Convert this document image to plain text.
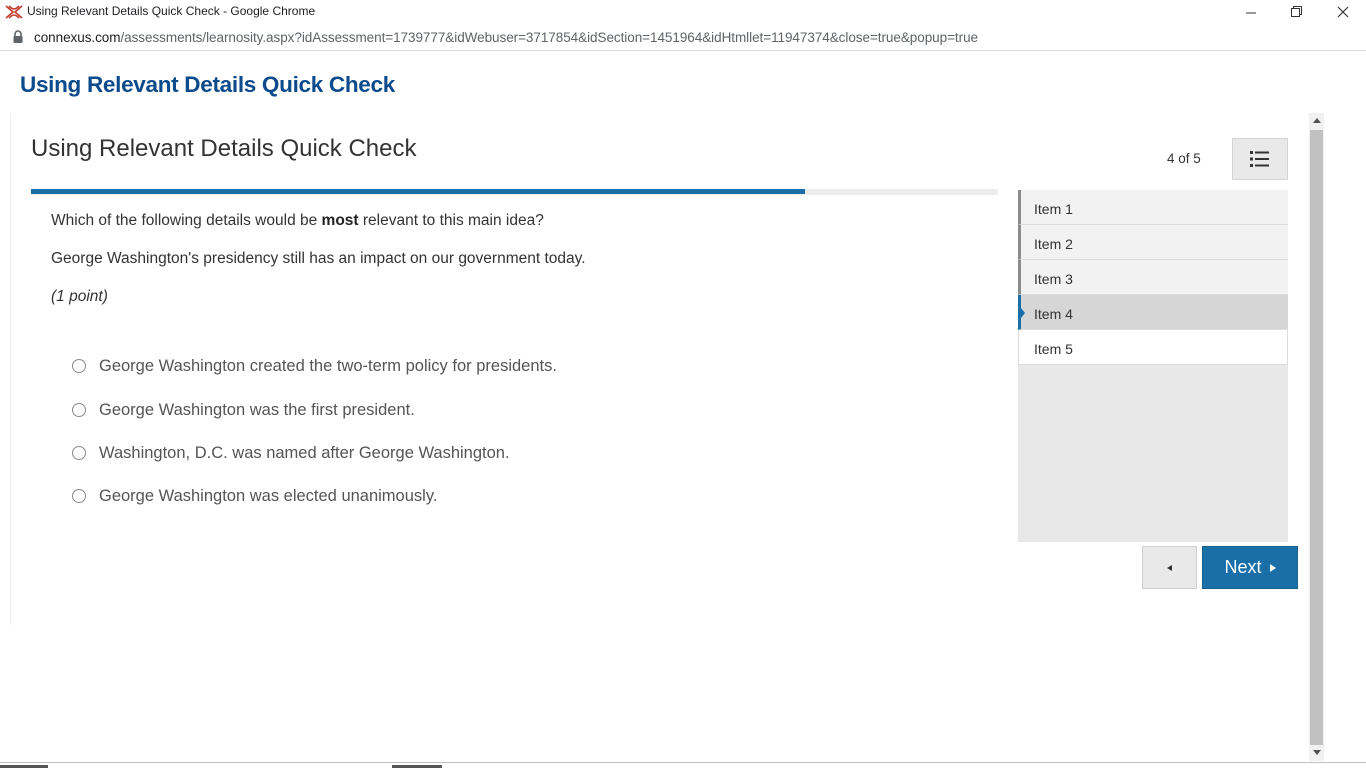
Using Relevant Details Quick Check - Google Chrome
connexus.com/assessments/learnosity.aspx?idAssessment=1739777&idWebuser=3717854&idSection=1451964&idHtmllet=11947374&close=true&popup=true
Using Relevant Details Quick Check
Using Relevant Details Quick Check	4 of 5
Which of the following details would be most relevant to this main idea?
George Washington's presidency still has an impact on our government today.
(1 point)
George Washington created the two-term policy for presidents.
George Washington was the first president.
Washington, D.C. was named after George Washington.
George Washington was elected unanimously.
Item 1
Item 2
Item 3
Item 4
Item 5
Next
